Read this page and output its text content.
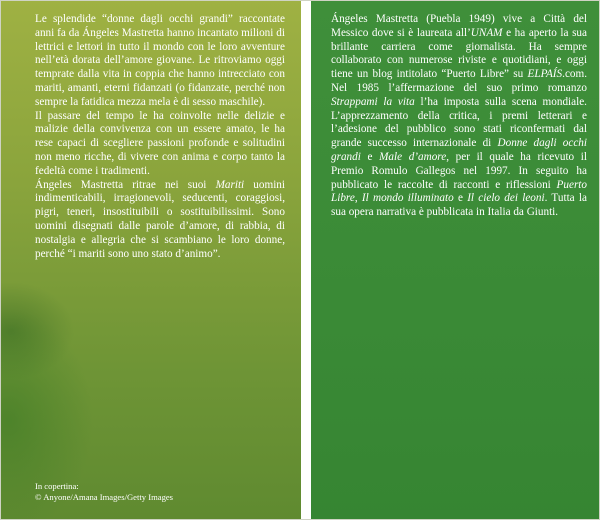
Le splendide “donne dagli occhi grandi” raccontate anni fa da Ángeles Mastretta hanno incantato milioni di lettrici e lettori in tutto il mondo con le loro avventure nell’età dorata dell’amore giovane. Le ritroviamo oggi temprate dalla vita in coppia che hanno intrecciato con mariti, amanti, eterni fidanzati (o fidanzate, perché non sempre la fatidica mezza mela è di sesso maschile).

Il passare del tempo le ha coinvolte nelle delizie e malizie della convivenza con un essere amato, le ha rese capaci di scegliere passioni profonde e solitudini non meno ricche, di vivere con anima e corpo tanto la fedeltà come i tradimenti.

Ángeles Mastretta ritrae nei suoi Mariti uomini indimenticabili, irragionevoli, seducenti, coraggiosi, pigri, teneri, insostituibili o sostituibilissimi. Sono uomini disegnati dalle parole d’amore, di rabbia, di nostalgia e allegria che si scambiano le loro donne, perché “i mariti sono uno stato d’animo”.

In copertina:
© Anyone/Amana Images/Getty Images

Ángeles Mastretta (Puebla 1949) vive a Città del Messico dove si è laureata all’UNAM e ha aperto la sua brillante carriera come giornalista. Ha sempre collaborato con numerose riviste e quotidiani, e oggi tiene un blog intitolato “Puerto Libre” su ELPAÍS.com. Nel 1985 l’affermazione del suo primo romanzo Strappami la vita l’ha imposta sulla scena mondiale. L’apprezzamento della critica, i premi letterari e l’adesione del pubblico sono stati riconfermati dal grande successo internazionale di Donne dagli occhi grandi e Male d’amore, per il quale ha ricevuto il Premio Romulo Gallegos nel 1997. In seguito ha pubblicato le raccolte di racconti e riflessioni Puerto Libre, Il mondo illuminato e Il cielo dei leoni. Tutta la sua opera narrativa è pubblicata in Italia da Giunti.
